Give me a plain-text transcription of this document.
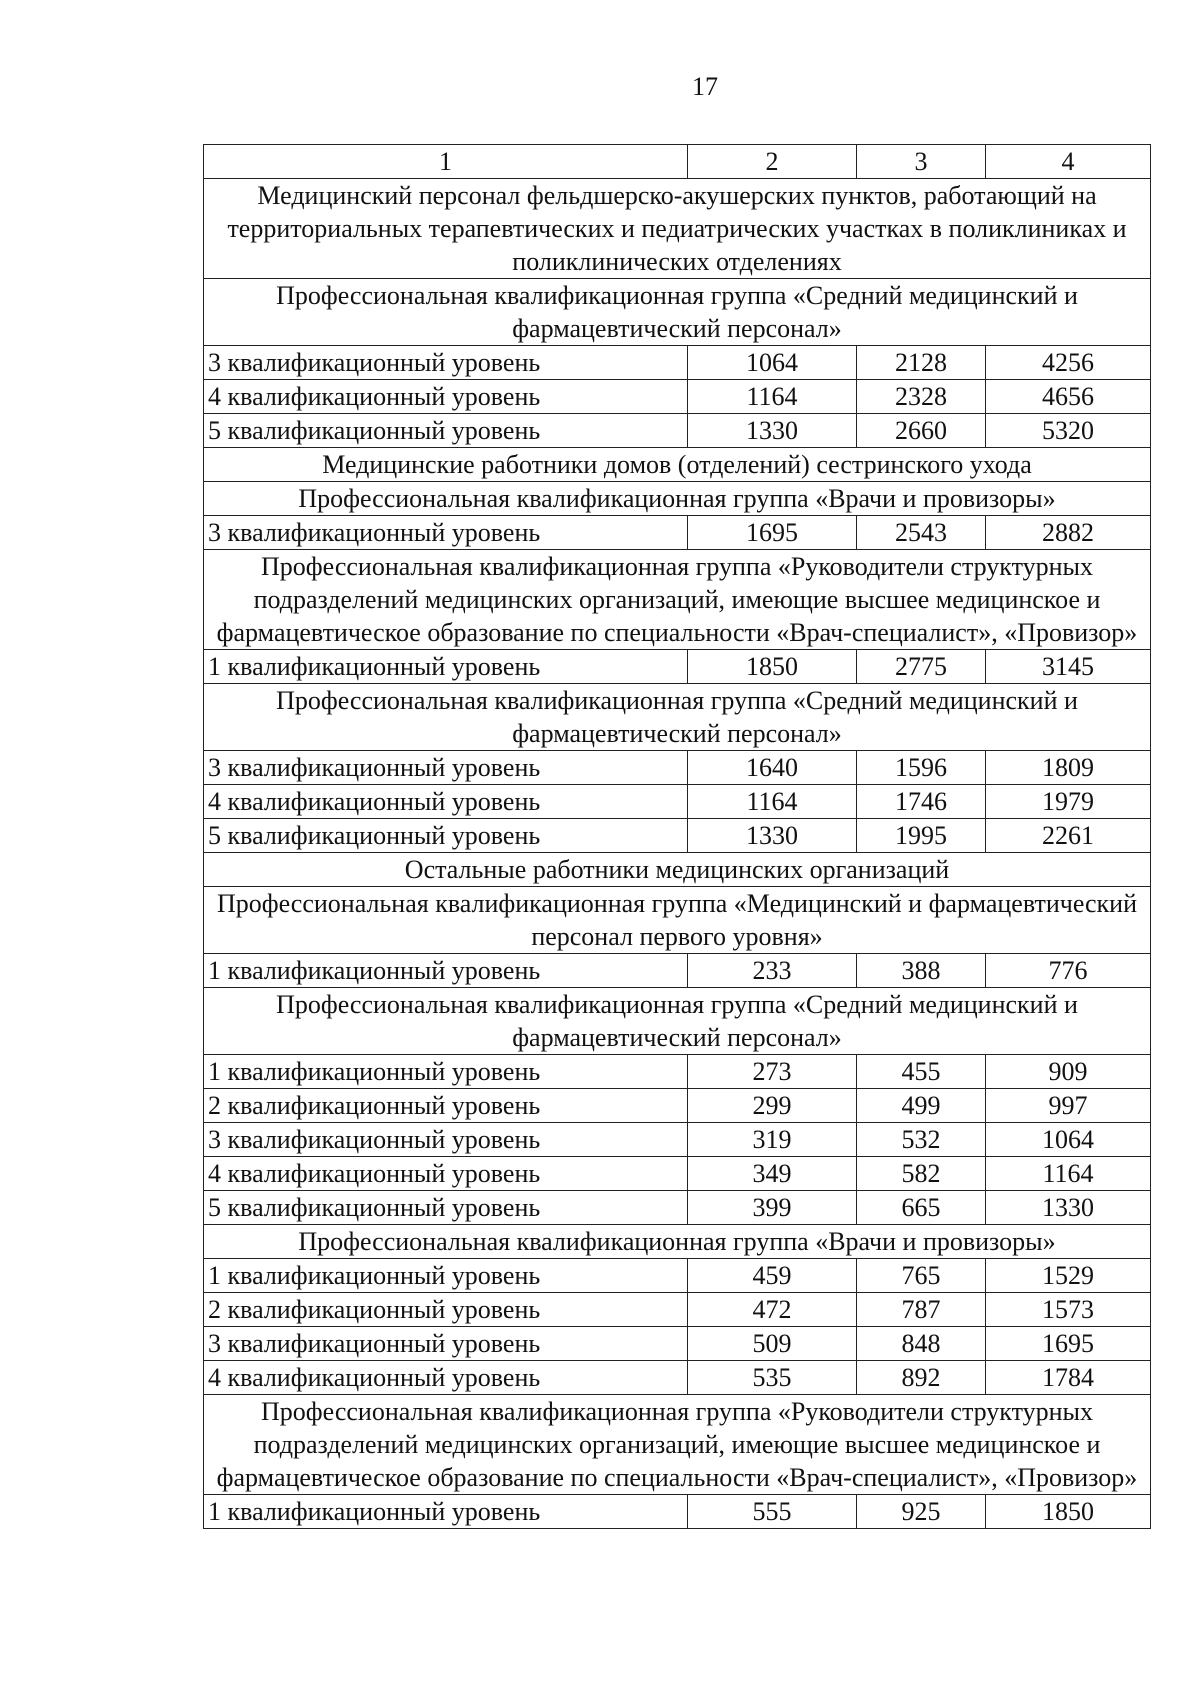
17
1	2	3	4
Медицинский персонал фельдшерско-акушерских пунктов, работающий на территориальных терапевтических и педиатрических участках в поликлиниках и поликлинических отделениях			
Профессиональная квалификационная группа «Средний медицинский и фармацевтический персонал»			
3 квалификационный уровень	1064	2128	4256
4 квалификационный уровень	1164	2328	4656
5 квалификационный уровень	1330	2660	5320
Медицинские работники домов (отделений) сестринского ухода			
Профессиональная квалификационная группа «Врачи и провизоры»			
3 квалификационный уровень	1695	2543	2882
Профессиональная квалификационная группа «Руководители структурных подразделений медицинских организаций, имеющие высшее медицинское и фармацевтическое образование по специальности «Врач-специалист», «Провизор»			
1 квалификационный уровень	1850	2775	3145
Профессиональная квалификационная группа «Средний медицинский и фармацевтический персонал»			
3 квалификационный уровень	1640	1596	1809
4 квалификационный уровень	1164	1746	1979
5 квалификационный уровень	1330	1995	2261
Остальные работники медицинских организаций			
Профессиональная квалификационная группа «Медицинский и фармацевтический персонал первого уровня»			
1 квалификационный уровень	233	388	776
Профессиональная квалификационная группа «Средний медицинский и фармацевтический персонал»			
1 квалификационный уровень	273	455	909
2 квалификационный уровень	299	499	997
3 квалификационный уровень	319	532	1064
4 квалификационный уровень	349	582	1164
5 квалификационный уровень	399	665	1330
Профессиональная квалификационная группа «Врачи и провизоры»			
1 квалификационный уровень	459	765	1529
2 квалификационный уровень	472	787	1573
3 квалификационный уровень	509	848	1695
4 квалификационный уровень	535	892	1784
Профессиональная квалификационная группа «Руководители структурных подразделений медицинских организаций, имеющие высшее медицинское и фармацевтическое образование по специальности «Врач-специалист», «Провизор»			
1 квалификационный уровень	555	925	1850
